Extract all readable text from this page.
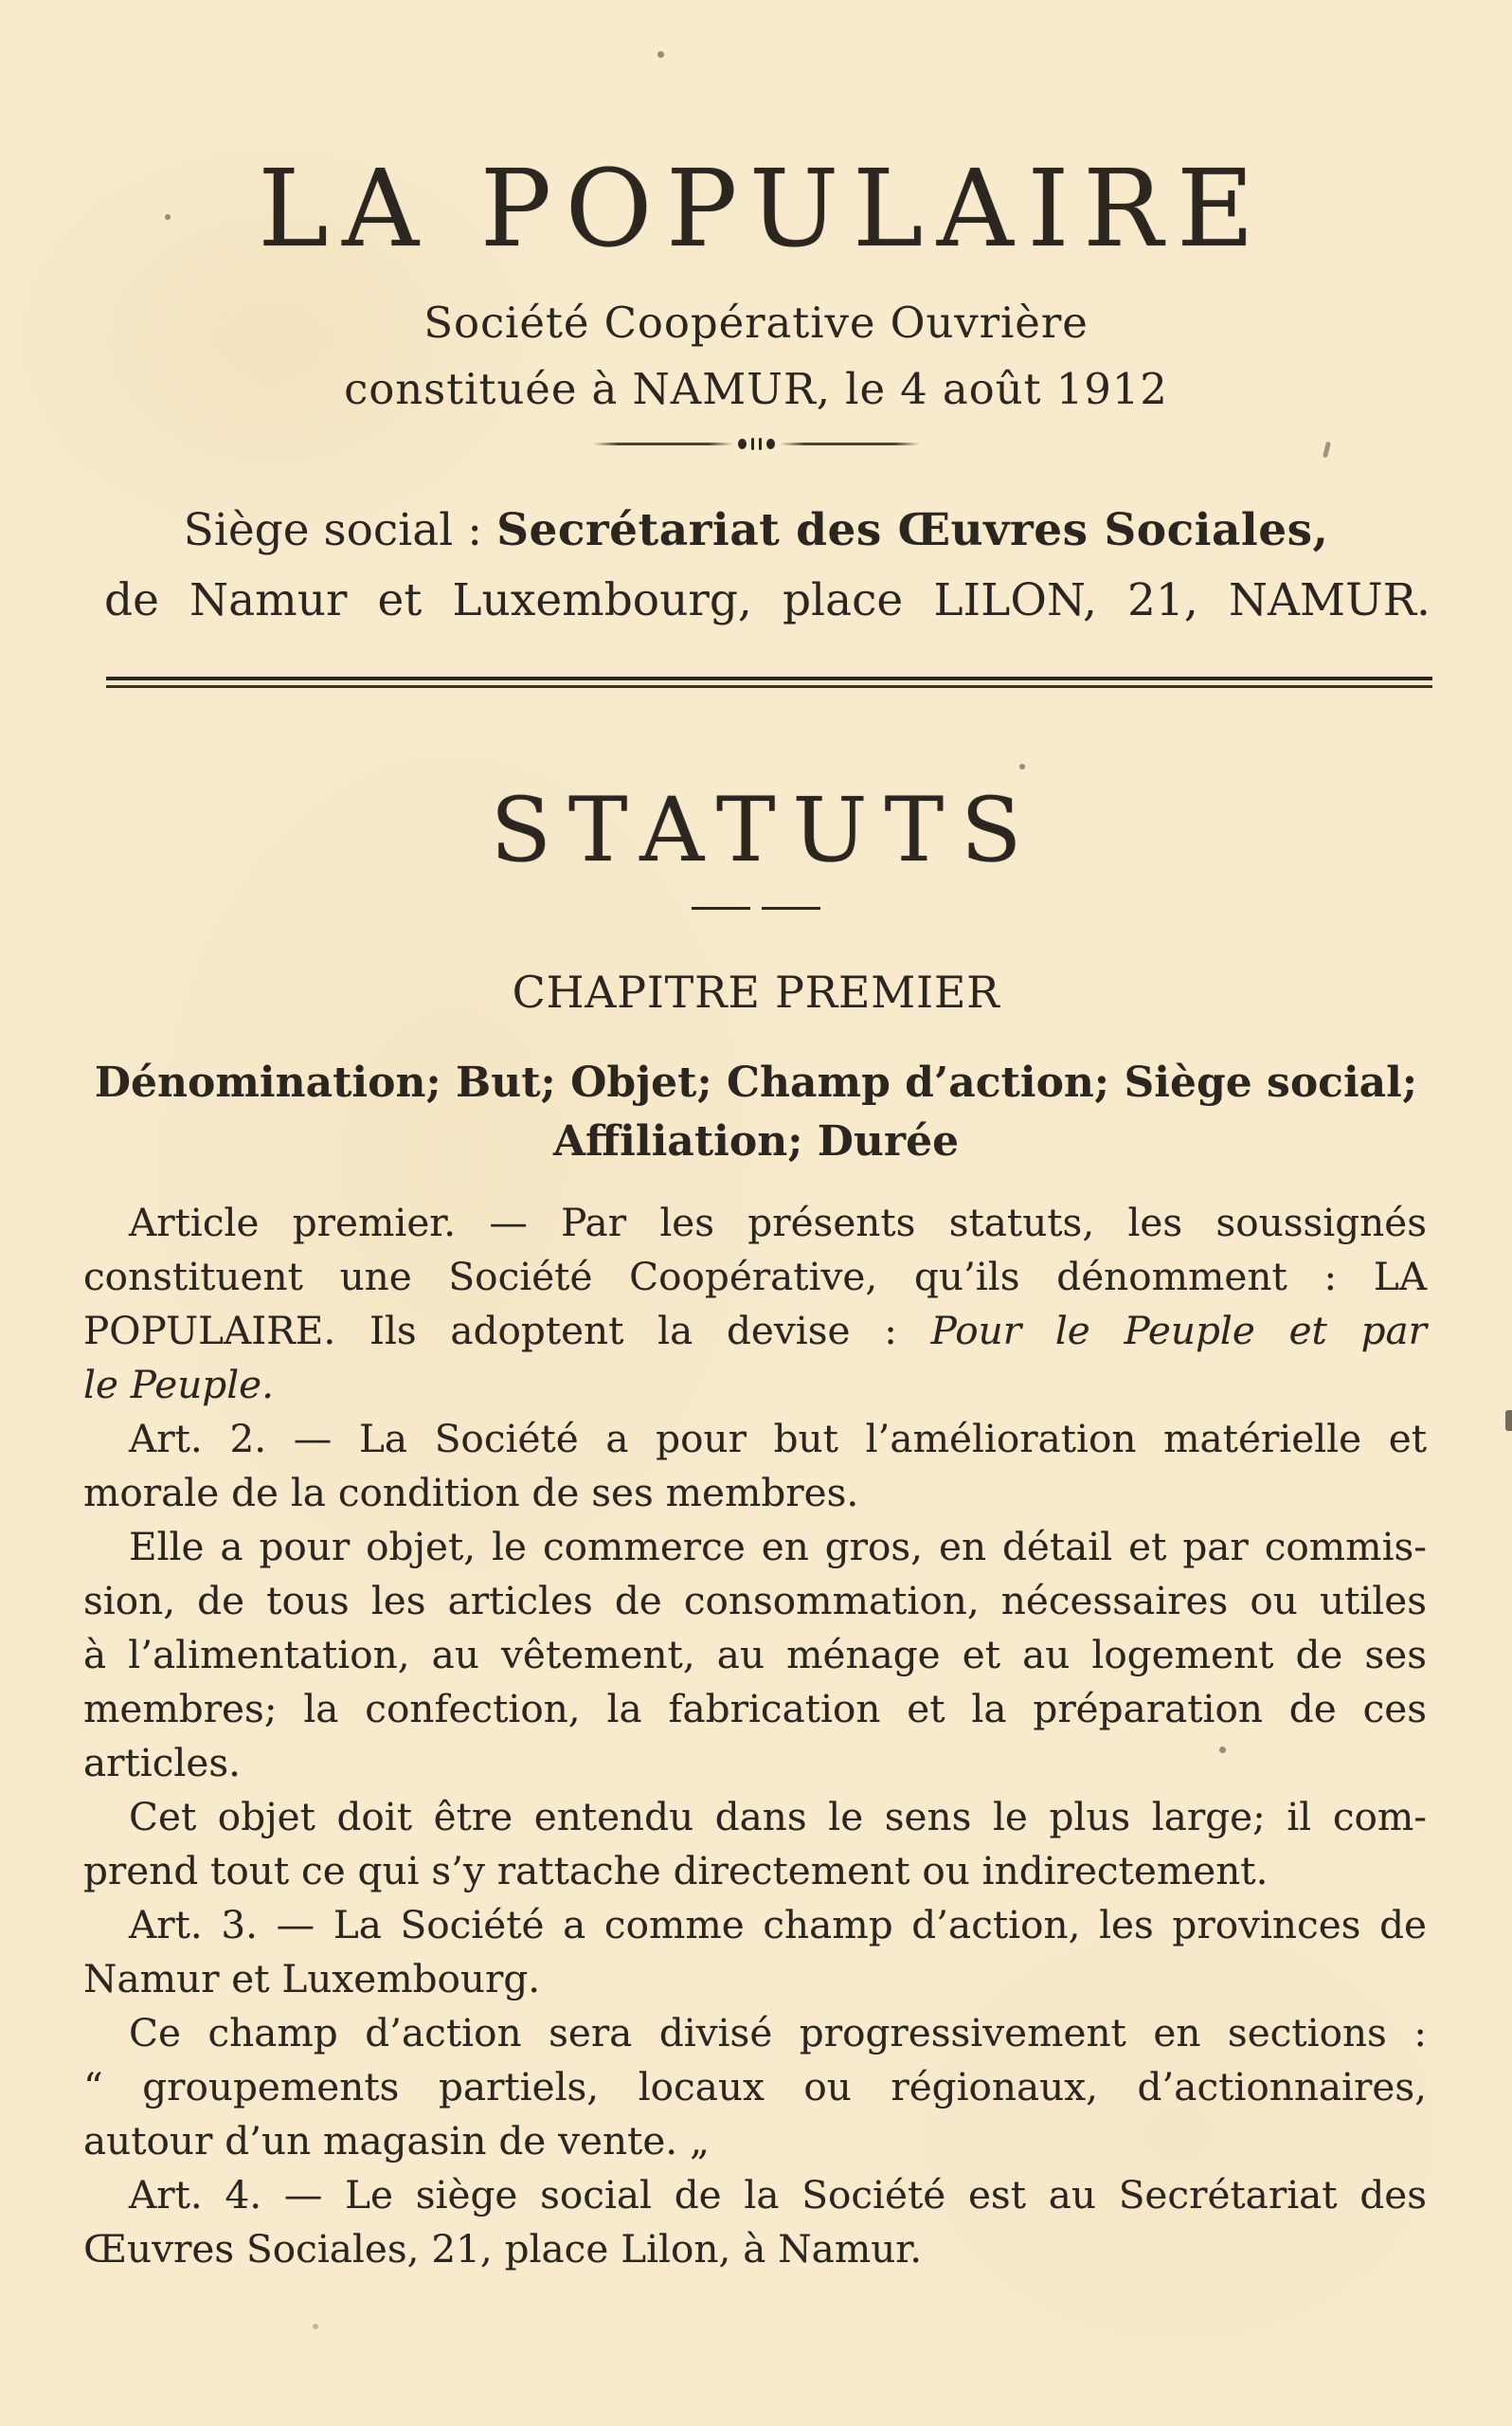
LA POPULAIRE
Société Coopérative Ouvrière
constituée à NAMUR, le 4 août 1912
Siège social : Secrétariat des Œuvres Sociales,
de Namur et Luxembourg, place LILON, 21, NAMUR.
STATUTS
CHAPITRE PREMIER
Dénomination; But; Objet; Champ d’action; Siège social;
Affiliation; Durée
Article premier. — Par les présents statuts, les soussignés
constituent une Société Coopérative, qu’ils dénomment : LA
POPULAIRE. Ils adoptent la devise : Pour le Peuple et par
le Peuple.
Art. 2. — La Société a pour but l’amélioration matérielle et
morale de la condition de ses membres.
Elle a pour objet, le commerce en gros, en détail et par commis-
sion, de tous les articles de consommation, nécessaires ou utiles
à l’alimentation, au vêtement, au ménage et au logement de ses
membres; la confection, la fabrication et la préparation de ces
articles.
Cet objet doit être entendu dans le sens le plus large; il com-
prend tout ce qui s’y rattache directement ou indirectement.
Art. 3. — La Société a comme champ d’action, les provinces de
Namur et Luxembourg.
Ce champ d’action sera divisé progressivement en sections :
“ groupements partiels, locaux ou régionaux, d’actionnaires,
autour d’un magasin de vente. „
Art. 4. — Le siège social de la Société est au Secrétariat des
Œuvres Sociales, 21, place Lilon, à Namur.
